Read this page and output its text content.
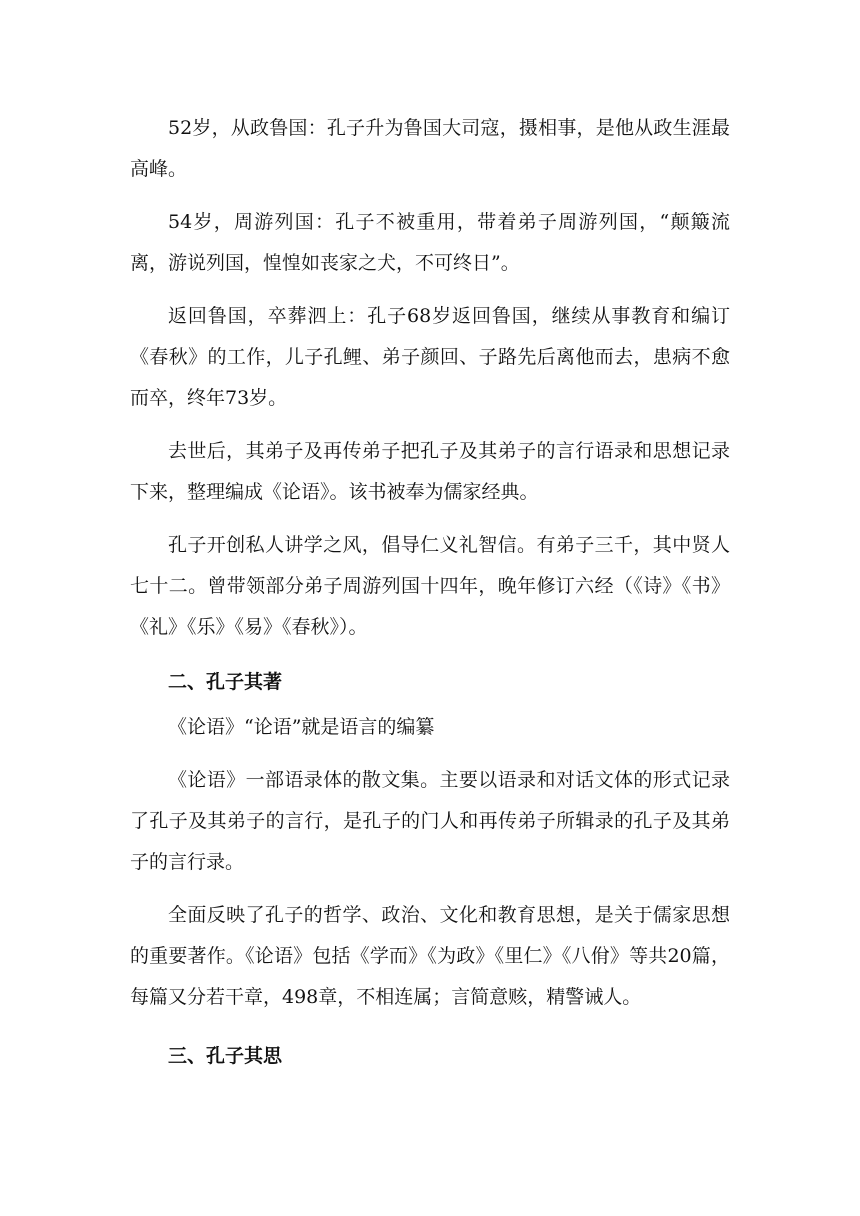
52岁，从政鲁国：孔子升为鲁国大司寇，摄相事，是他从政生涯最高峰。

54岁，周游列国：孔子不被重用，带着弟子周游列国，“颠簸流离，游说列国，惶惶如丧家之犬，不可终日”。

返回鲁国，卒葬泗上：孔子68岁返回鲁国，继续从事教育和编订《春秋》的工作，儿子孔鲤、弟子颜回、子路先后离他而去，患病不愈而卒，终年73岁。

去世后，其弟子及再传弟子把孔子及其弟子的言行语录和思想记录下来，整理编成《论语》。该书被奉为儒家经典。

孔子开创私人讲学之风，倡导仁义礼智信。有弟子三千，其中贤人七十二。曾带领部分弟子周游列国十四年，晚年修订六经（《诗》《书》《礼》《乐》《易》《春秋》）。

二、孔子其著

《论语》“论语”就是语言的编纂

《论语》一部语录体的散文集。主要以语录和对话文体的形式记录了孔子及其弟子的言行，是孔子的门人和再传弟子所辑录的孔子及其弟子的言行录。

全面反映了孔子的哲学、政治、文化和教育思想，是关于儒家思想的重要著作。《论语》包括《学而》《为政》《里仁》《八佾》等共20篇，每篇又分若干章，498章，不相连属；言简意赅，精警诫人。

三、孔子其思
